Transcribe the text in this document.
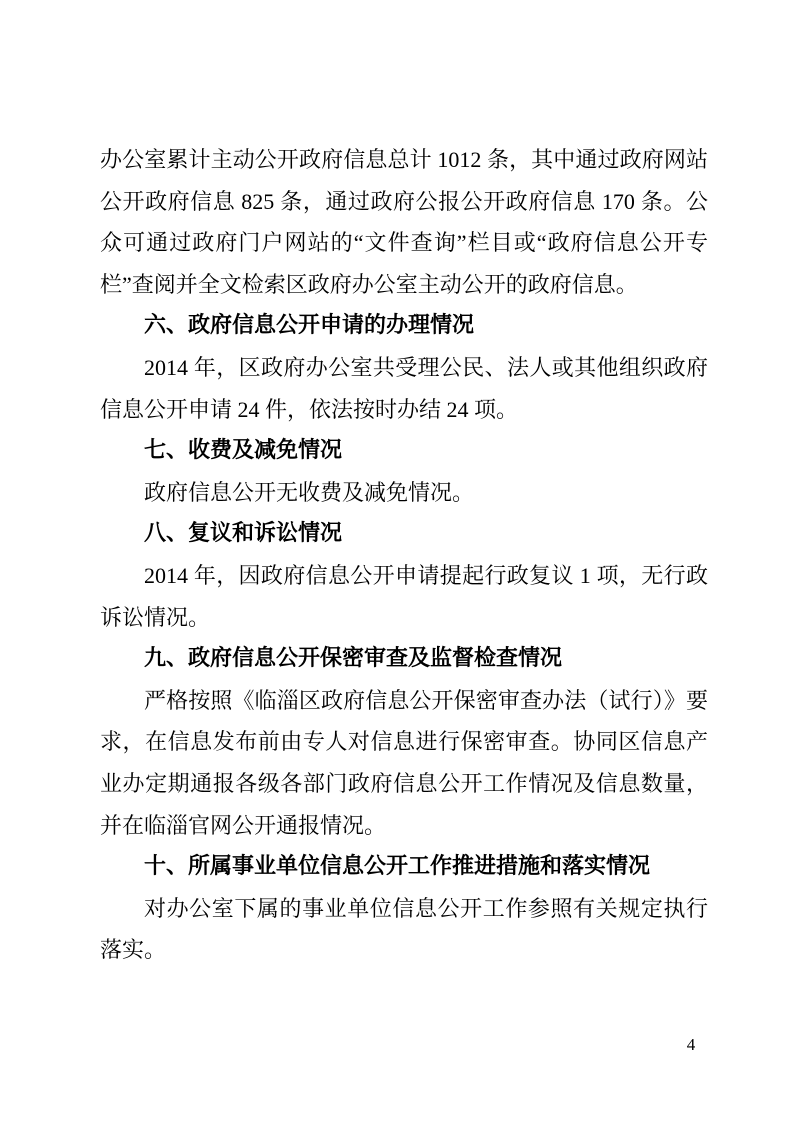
办公室累计主动公开政府信息总计 1012 条，其中通过政府网站公开政府信息 825 条，通过政府公报公开政府信息 170 条。公众可通过政府门户网站的“文件查询”栏目或“政府信息公开专栏”查阅并全文检索区政府办公室主动公开的政府信息。

六、政府信息公开申请的办理情况

2014 年，区政府办公室共受理公民、法人或其他组织政府信息公开申请 24 件，依法按时办结 24 项。

七、收费及减免情况

政府信息公开无收费及减免情况。

八、复议和诉讼情况

2014 年，因政府信息公开申请提起行政复议 1 项，无行政诉讼情况。

九、政府信息公开保密审查及监督检查情况

严格按照《临淄区政府信息公开保密审查办法（试行）》要求，在信息发布前由专人对信息进行保密审查。协同区信息产业办定期通报各级各部门政府信息公开工作情况及信息数量，并在临淄官网公开通报情况。

十、所属事业单位信息公开工作推进措施和落实情况

对办公室下属的事业单位信息公开工作参照有关规定执行落实。

4
